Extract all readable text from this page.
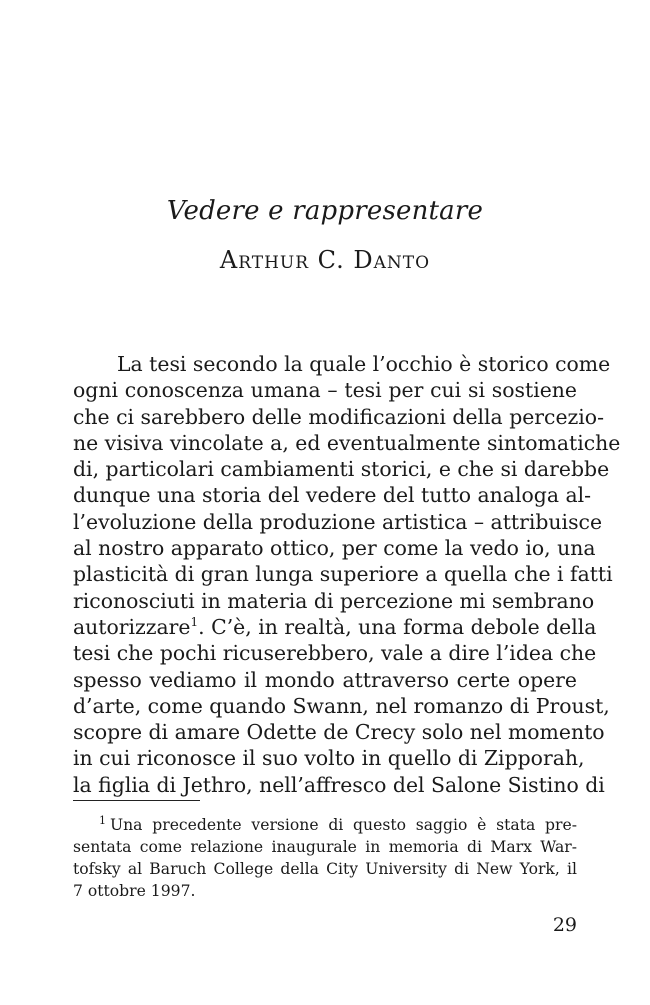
Vedere e rappresentare
Arthur C. Danto
La tesi secondo la quale l’occhio è storico come
ogni conoscenza umana – tesi per cui si sostiene
che ci sarebbero delle modificazioni della percezio-
ne visiva vincolate a, ed eventualmente sintomatiche
di, particolari cambiamenti storici, e che si darebbe
dunque una storia del vedere del tutto analoga al-
l’evoluzione della produzione artistica – attribuisce
al nostro apparato ottico, per come la vedo io, una
plasticità di gran lunga superiore a quella che i fatti
riconosciuti in materia di percezione mi sembrano
autorizzare$^1$. C’è, in realtà, una forma debole della
tesi che pochi ricuserebbero, vale a dire l’idea che
spesso vediamo il mondo attraverso certe opere
d’arte, come quando Swann, nel romanzo di Proust,
scopre di amare Odette de Crecy solo nel momento
in cui riconosce il suo volto in quello di Zipporah,
la figlia di Jethro, nell’affresco del Salone Sistino di
$^1$ Una precedente versione di questo saggio è stata pre-
sentata come relazione inaugurale in memoria di Marx War-
tofsky al Baruch College della City University di New York, il
7 ottobre 1997.
29
